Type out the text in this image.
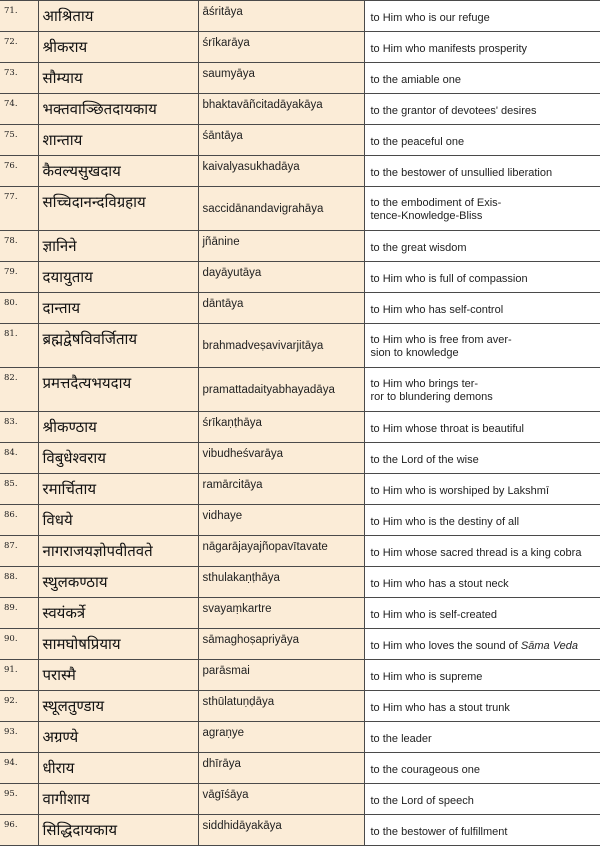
71.	आश्रिताय	āśritāya	to Him who is our refuge
72.	श्रीकराय	śrīkarāya	to Him who manifests prosperity
73.	सौम्याय	saumyāya	to the amiable one
74.	भक्तवाञ्छितदायकाय	bhaktavāñcitadāyakāya	to the grantor of devotees' desires
75.	शान्ताय	śāntāya	to the peaceful one
76.	कैवल्यसुखदाय	kaivalyasukhadāya	to the bestower of unsullied liberation
77.	सच्चिदानन्दविग्रहाय	saccidānandavigrahāya	to the embodiment of Exis-
tence-Knowledge-Bliss

78.	ज्ञानिने	jñānine	to the great wisdom
79.	दयायुताय	dayāyutāya	to Him who is full of compassion
80.	दान्ताय	dāntāya	to Him who has self-control
81.	ब्रह्मद्वेषविवर्जिताय	brahmadveṣavivarjitāya	to Him who is free from aver-
sion to knowledge

82.	प्रमत्तदैत्यभयदाय	pramattadaityabhayadāya	to Him who brings ter-
ror to blundering demons

83.	श्रीकण्ठाय	śrīkaṇṭhāya	to Him whose throat is beautiful
84.	विबुधेश्वराय	vibudheśvarāya	to the Lord of the wise
85.	रमार्चिताय	ramārcitāya	to Him who is worshiped by Lakshmī
86.	विधये	vidhaye	to Him who is the destiny of all
87.	नागराजयज्ञोपवीतवते	nāgarājayajñopavītavate	to Him whose sacred thread is a king cobra
88.	स्थुलकण्ठाय	sthulakaṇṭhāya	to Him who has a stout neck
89.	स्वयंकर्त्रे	svayaṃkartre	to Him who is self-created
90.	सामघोषप्रियाय	sāmaghoṣapriyāya	to Him who loves the sound of Sāma Veda
91.	परास्मै	parāsmai	to Him who is supreme
92.	स्थूलतुण्डाय	sthūlatuṇḍāya	to Him who has a stout trunk
93.	अग्रण्ये	agraṇye	to the leader
94.	धीराय	dhīrāya	to the courageous one
95.	वागीशाय	vāgīśāya	to the Lord of speech
96.	सिद्धिदायकाय	siddhidāyakāya	to the bestower of fulfillment
